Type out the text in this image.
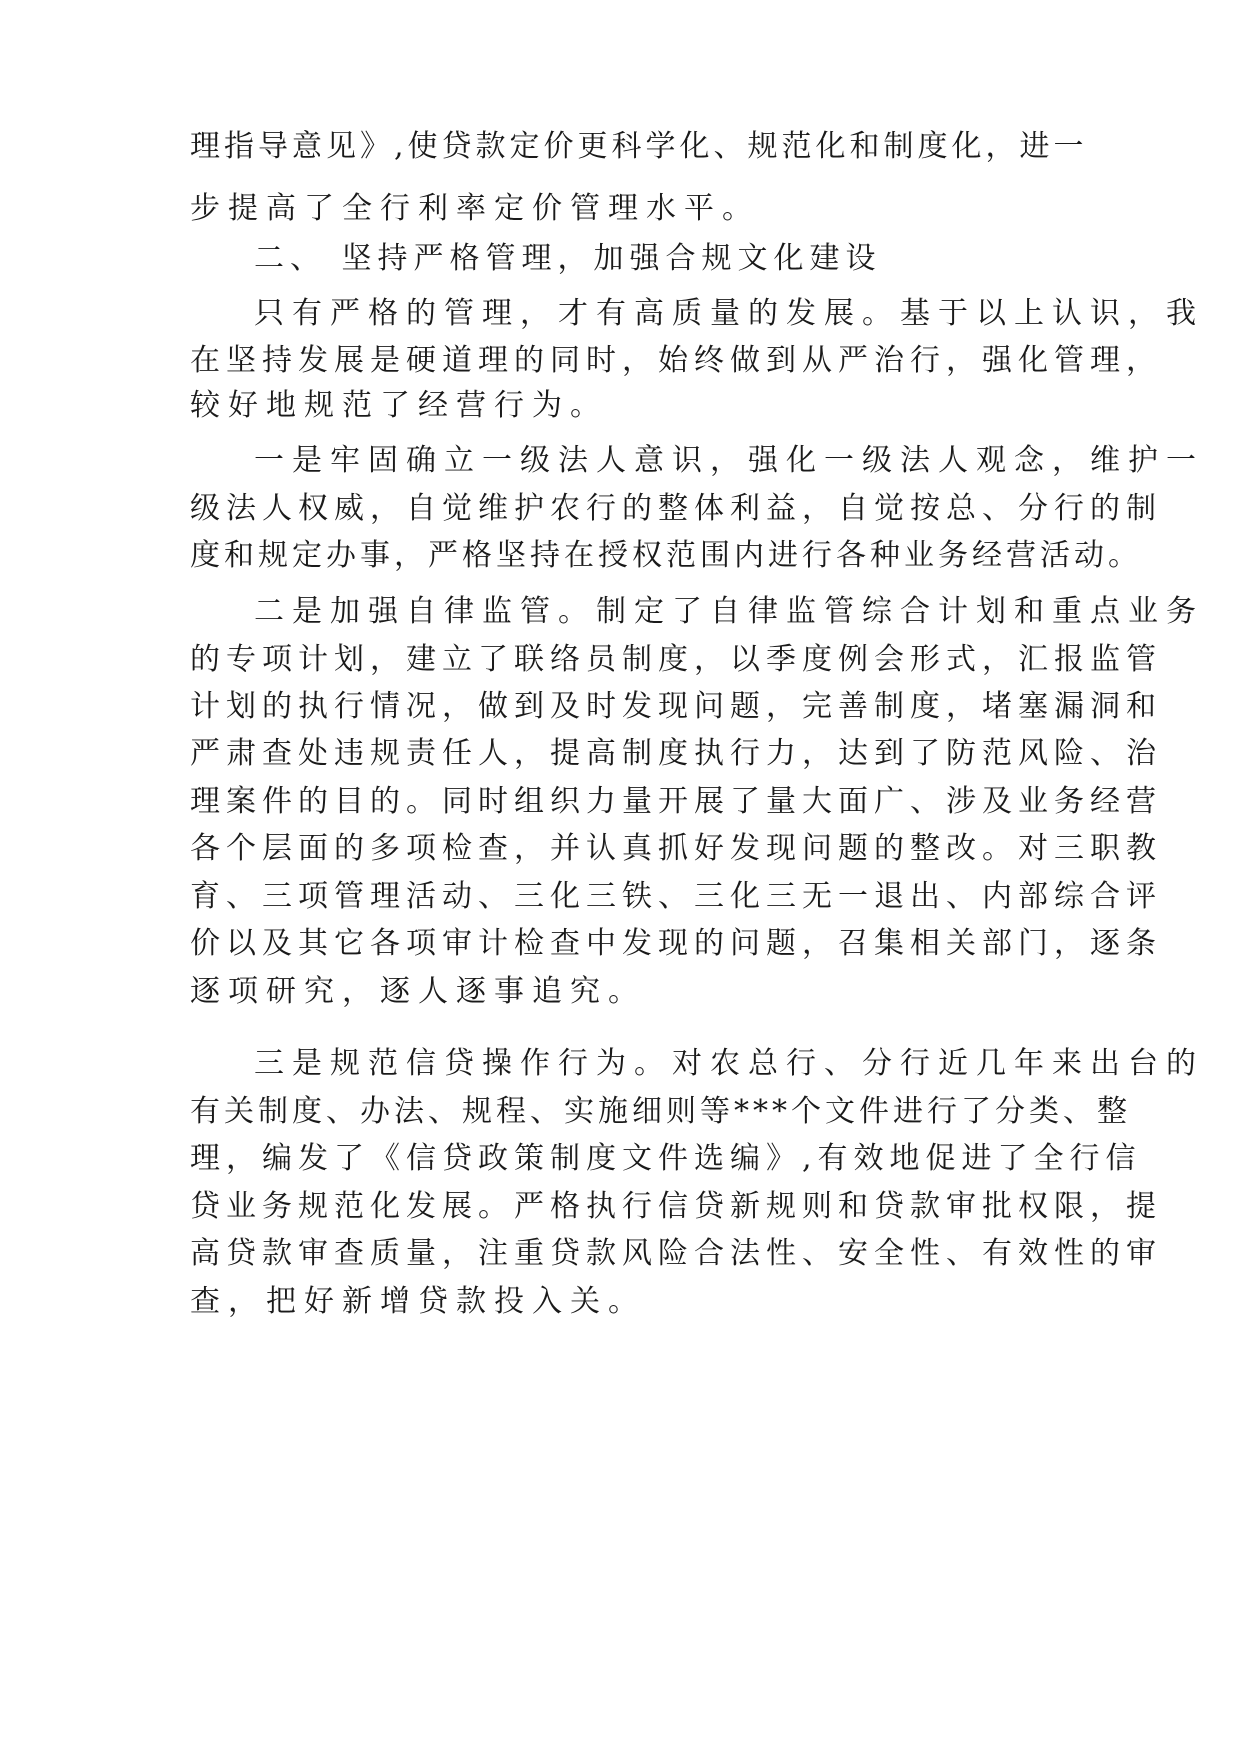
理指导意见》,使贷款定价更科学化、规范化和制度化，进一

步提高了全行利率定价管理水平。

二、 坚持严格管理，加强合规文化建设

只有严格的管理，才有高质量的发展。基于以上认识，我

在坚持发展是硬道理的同时，始终做到从严治行，强化管理，

较好地规范了经营行为。

一是牢固确立一级法人意识，强化一级法人观念，维护一

级法人权威，自觉维护农行的整体利益，自觉按总、分行的制

度和规定办事，严格坚持在授权范围内进行各种业务经营活动。

二是加强自律监管。制定了自律监管综合计划和重点业务

的专项计划，建立了联络员制度，以季度例会形式，汇报监管

计划的执行情况，做到及时发现问题，完善制度，堵塞漏洞和

严肃查处违规责任人，提高制度执行力，达到了防范风险、治

理案件的目的。同时组织力量开展了量大面广、涉及业务经营

各个层面的多项检查，并认真抓好发现问题的整改。对三职教

育、三项管理活动、三化三铁、三化三无一退出、内部综合评

价以及其它各项审计检查中发现的问题，召集相关部门，逐条

逐项研究，逐人逐事追究。

三是规范信贷操作行为。对农总行、分行近几年来出台的

有关制度、办法、规程、实施细则等***个文件进行了分类、整

理，编发了《信贷政策制度文件选编》,有效地促进了全行信

贷业务规范化发展。严格执行信贷新规则和贷款审批权限，提

高贷款审查质量，注重贷款风险合法性、安全性、有效性的审

查，把好新增贷款投入关。
